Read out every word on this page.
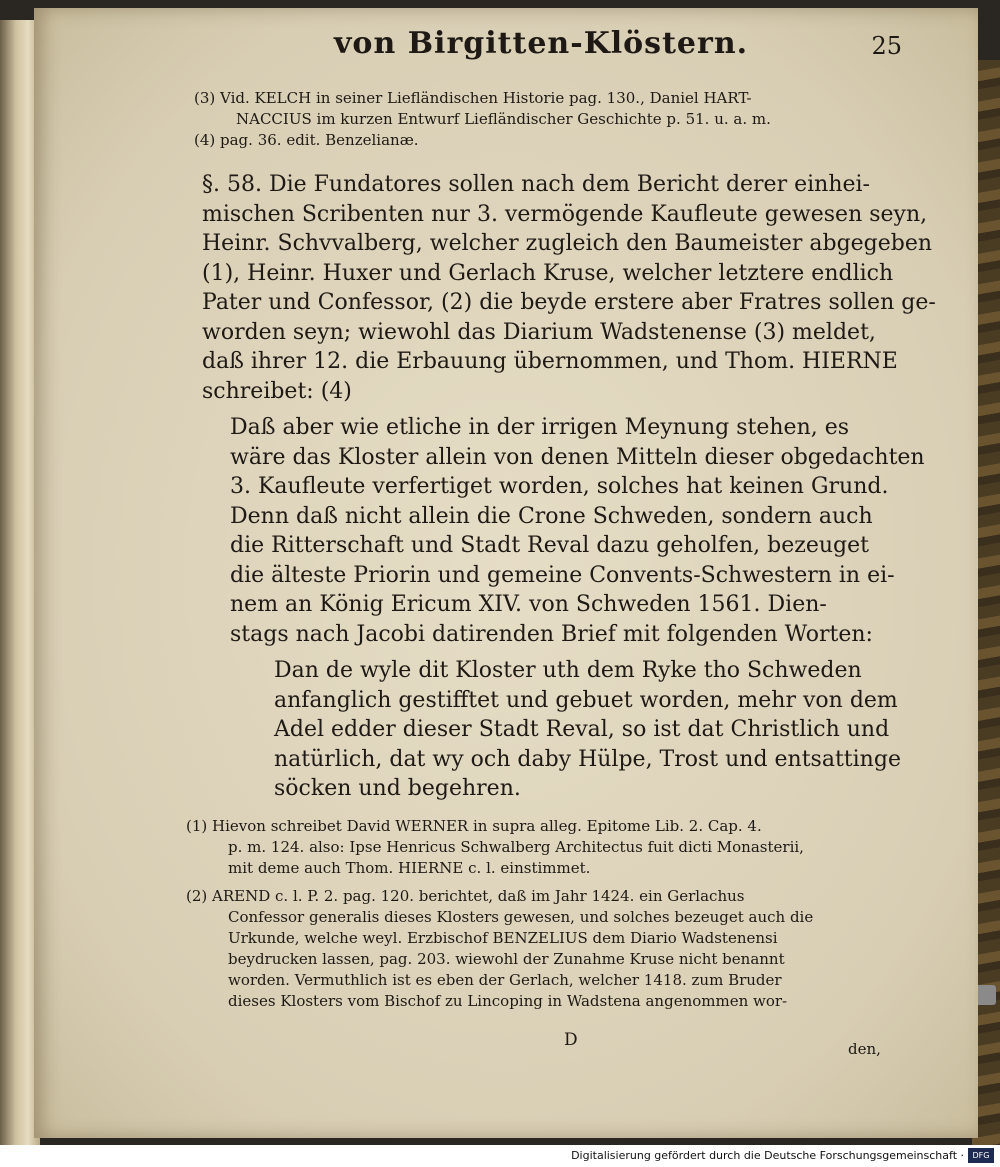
von Birgitten-Klöstern.	25
(3) Vid. KELCH in seiner Liefländischen Historie pag. 130., Daniel HART-
NACCIUS im kurzen Entwurf Liefländischer Geschichte p. 51. u. a. m.
(4) pag. 36. edit. Benzelianæ.
§. 58. Die Fundatores sollen nach dem Bericht derer einhei-
mischen Scribenten nur 3. vermögende Kaufleute gewesen seyn,
Heinr. Schvvalberg, welcher zugleich den Baumeister abgegeben
(1), Heinr. Huxer und Gerlach Kruse, welcher letztere endlich
Pater und Confessor, (2) die beyde erstere aber Fratres sollen ge-
worden seyn; wiewohl das Diarium Wadstenense (3) meldet,
daß ihrer 12. die Erbauung übernommen, und Thom. HIERNE
schreibet: (4)
Daß aber wie etliche in der irrigen Meynung stehen, es
wäre das Kloster allein von denen Mitteln dieser obgedachten
3. Kaufleute verfertiget worden, solches hat keinen Grund.
Denn daß nicht allein die Crone Schweden, sondern auch
die Ritterschaft und Stadt Reval dazu geholfen, bezeuget
die älteste Priorin und gemeine Convents-Schwestern in ei-
nem an König Ericum XIV. von Schweden 1561. Dien-
stags nach Jacobi datirenden Brief mit folgenden Worten:
Dan de wyle dit Kloster uth dem Ryke tho Schweden
anfanglich gestifftet und gebuet worden, mehr von dem
Adel edder dieser Stadt Reval, so ist dat Christlich und
natürlich, dat wy och daby Hülpe, Trost und entsattinge
söcken und begehren.
(1) Hievon schreibet David WERNER in supra alleg. Epitome Lib. 2. Cap. 4.
p. m. 124. also: Ipse Henricus Schwalberg Architectus fuit dicti Monasterii,
mit deme auch Thom. HIERNE c. l. einstimmet.
(2) AREND c. l. P. 2. pag. 120. berichtet, daß im Jahr 1424. ein Gerlachus
Confessor generalis dieses Klosters gewesen, und solches bezeuget auch die
Urkunde, welche weyl. Erzbischof BENZELIUS dem Diario Wadstenensi
beydrucken lassen, pag. 203. wiewohl der Zunahme Kruse nicht benannt
worden. Vermuthlich ist es eben der Gerlach, welcher 1418. zum Bruder
dieses Klosters vom Bischof zu Lincoping in Wadstena angenommen wor-
D	den,
Digitalisierung gefördert durch die Deutsche Forschungsgemeinschaft ·	DFG
